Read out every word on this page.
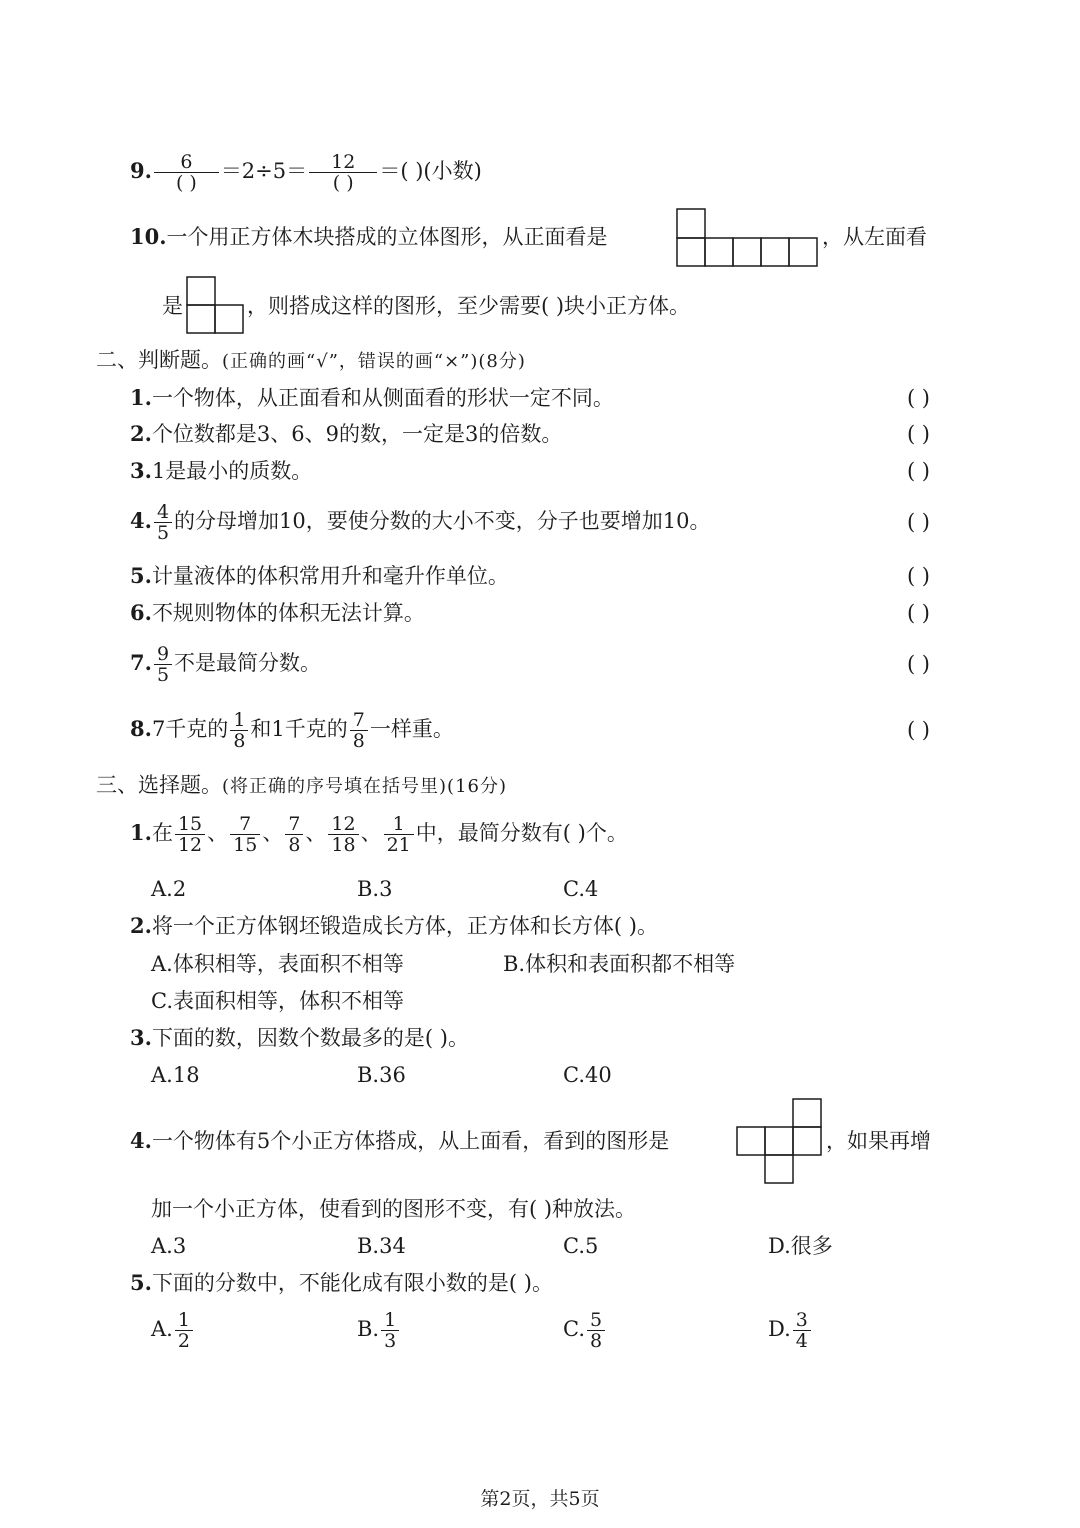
9. $\frac{6}{( )} =2\div 5= \frac{12}{( )}$ ＝( )(小数)
10.一个用正方体木块搭成的立体图形，从正面看是	，从左面看
是	，则搭成这样的图形，至少需要( )块小正方体。
二、判断题。(正确的画“√”，错误的画“×”)(8分)
1.一个物体，从正面看和从侧面看的形状一定不同。	( )
2.个位数都是3、6、9的数，一定是3的倍数。	( )
3.1是最小的质数。	( )
4. $\frac{4}{5}$ 的分母增加10，要使分数的大小不变，分子也要增加10。	( )
5.计量液体的体积常用升和毫升作单位。	( )
6.不规则物体的体积无法计算。	( )
7. $\frac{9}{5}$ 不是最简分数。	( )
8.7千克的 $\frac{1}{8}$ 和1千克的 $\frac{7}{8}$ 一样重。	( )
三、选择题。(将正确的序号填在括号里)(16分)
1.在 $\frac{15}{12}$ 、 $\frac{7}{15}$ 、 $\frac{7}{8}$ 、 $\frac{12}{18}$ 、 $\frac{1}{21}$ 中，最简分数有( )个。
A.2	B.3	C.4
2.将一个正方体钢坯锻造成长方体，正方体和长方体( )。
A.体积相等，表面积不相等	B.体积和表面积都不相等
C.表面积相等，体积不相等
3.下面的数，因数个数最多的是( )。
A.18	B.36	C.40
4.一个物体有5个小正方体搭成，从上面看，看到的图形是	，如果再增
加一个小正方体，使看到的图形不变，有( )种放法。
A.3	B.34	C.5	D.很多
5.下面的分数中，不能化成有限小数的是( )。
A. $\frac{1}{2}$	B. $\frac{1}{3}$	C. $\frac{5}{8}$	D. $\frac{3}{4}$
第2页，共5页
